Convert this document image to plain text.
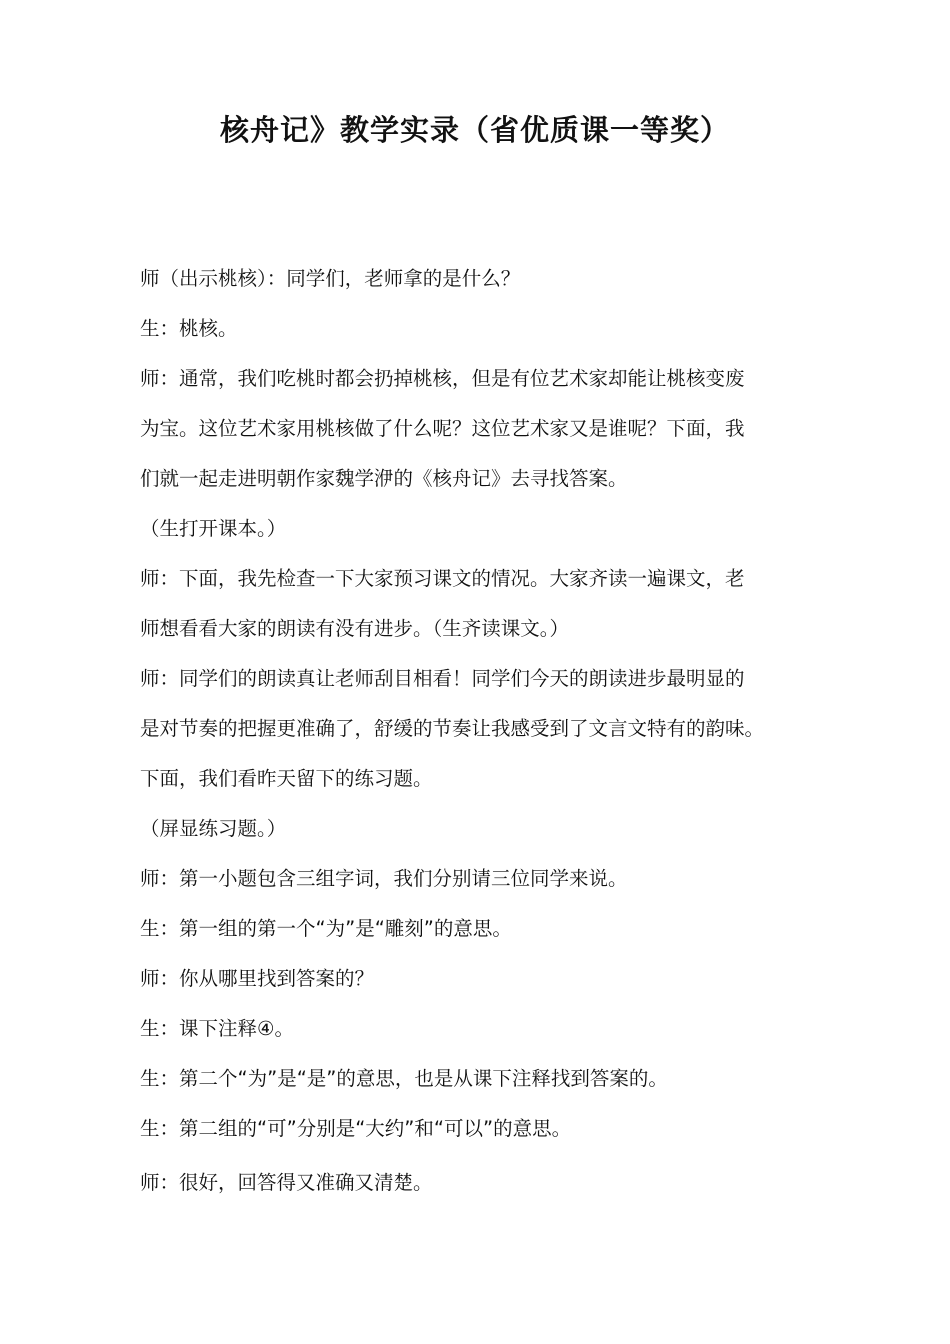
核舟记》教学实录（省优质课一等奖）

师（出示桃核）：同学们，老师拿的是什么？

生：桃核。

师：通常，我们吃桃时都会扔掉桃核，但是有位艺术家却能让桃核变废

为宝。这位艺术家用桃核做了什么呢？这位艺术家又是谁呢？下面，我

们就一起走进明朝作家魏学洢的《核舟记》去寻找答案。

（生打开课本。）

师：下面，我先检查一下大家预习课文的情况。大家齐读一遍课文，老

师想看看大家的朗读有没有进步。（生齐读课文。）

师：同学们的朗读真让老师刮目相看！同学们今天的朗读进步最明显的

是对节奏的把握更准确了，舒缓的节奏让我感受到了文言文特有的韵味。

下面，我们看昨天留下的练习题。

（屏显练习题。）

师：第一小题包含三组字词，我们分别请三位同学来说。

生：第一组的第一个“为”是“雕刻”的意思。

师：你从哪里找到答案的？

生：课下注释④。

生：第二个“为”是“是”的意思，也是从课下注释找到答案的。

生：第二组的“可”分别是“大约”和“可以”的意思。

师：很好，回答得又准确又清楚。
